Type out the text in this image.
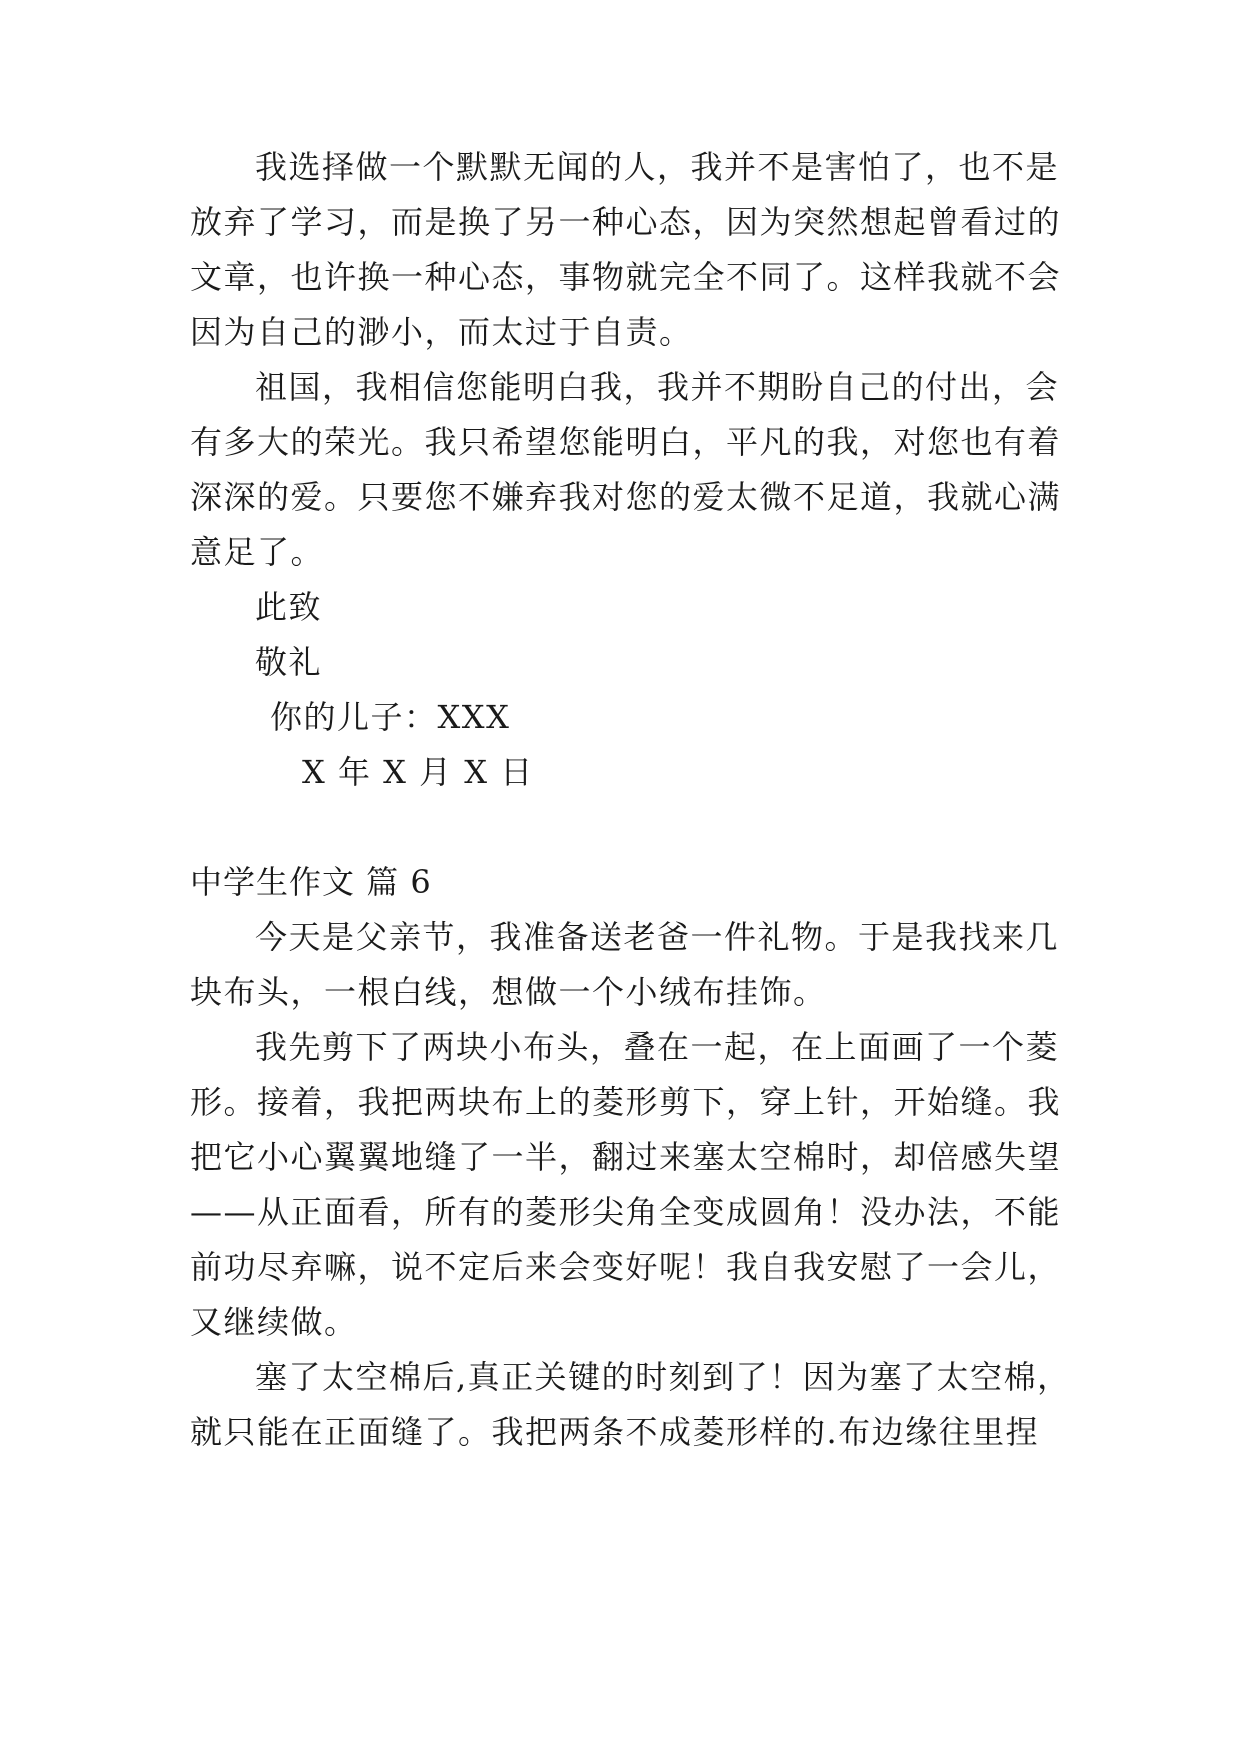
我选择做一个默默无闻的人，我并不是害怕了，也不是
放弃了学习，而是换了另一种心态，因为突然想起曾看过的
文章，也许换一种心态，事物就完全不同了。这样我就不会
因为自己的渺小，而太过于自责。
祖国，我相信您能明白我，我并不期盼自己的付出，会
有多大的荣光。我只希望您能明白，平凡的我，对您也有着
深深的爱。只要您不嫌弃我对您的爱太微不足道，我就心满
意足了。
此致
敬礼
你的儿子：XXX
X 年 X 月 X 日
中学生作文 篇 6
今天是父亲节，我准备送老爸一件礼物。于是我找来几
块布头，一根白线，想做一个小绒布挂饰。
我先剪下了两块小布头，叠在一起，在上面画了一个菱
形。接着，我把两块布上的菱形剪下，穿上针，开始缝。我
把它小心翼翼地缝了一半，翻过来塞太空棉时，却倍感失望
——从正面看，所有的菱形尖角全变成圆角！没办法，不能
前功尽弃嘛，说不定后来会变好呢！我自我安慰了一会儿，
又继续做。
塞了太空棉后,真正关键的时刻到了！因为塞了太空棉，
就只能在正面缝了。我把两条不成菱形样的.布边缘往里捏
